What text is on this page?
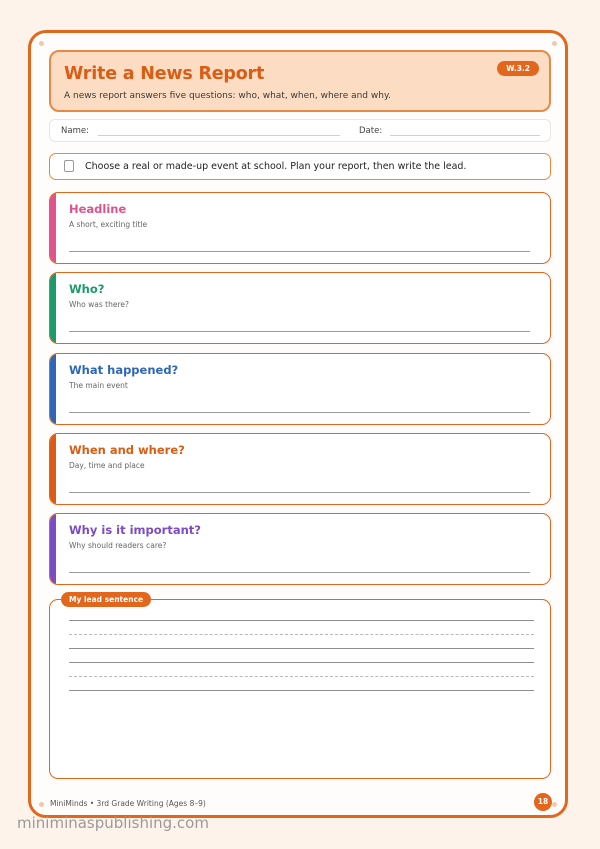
Write a News Report
A news report answers five questions: who, what, when, where and why.
W.3.2
Name:	Date:
Choose a real or made-up event at school. Plan your report, then write the lead.
Headline
A short, exciting title
Who?
Who was there?
What happened?
The main event
When and where?
Day, time and place
Why is it important?
Why should readers care?
My lead sentence
MiniMinds • 3rd Grade Writing (Ages 8–9)	18
miniminaspublishing.com
